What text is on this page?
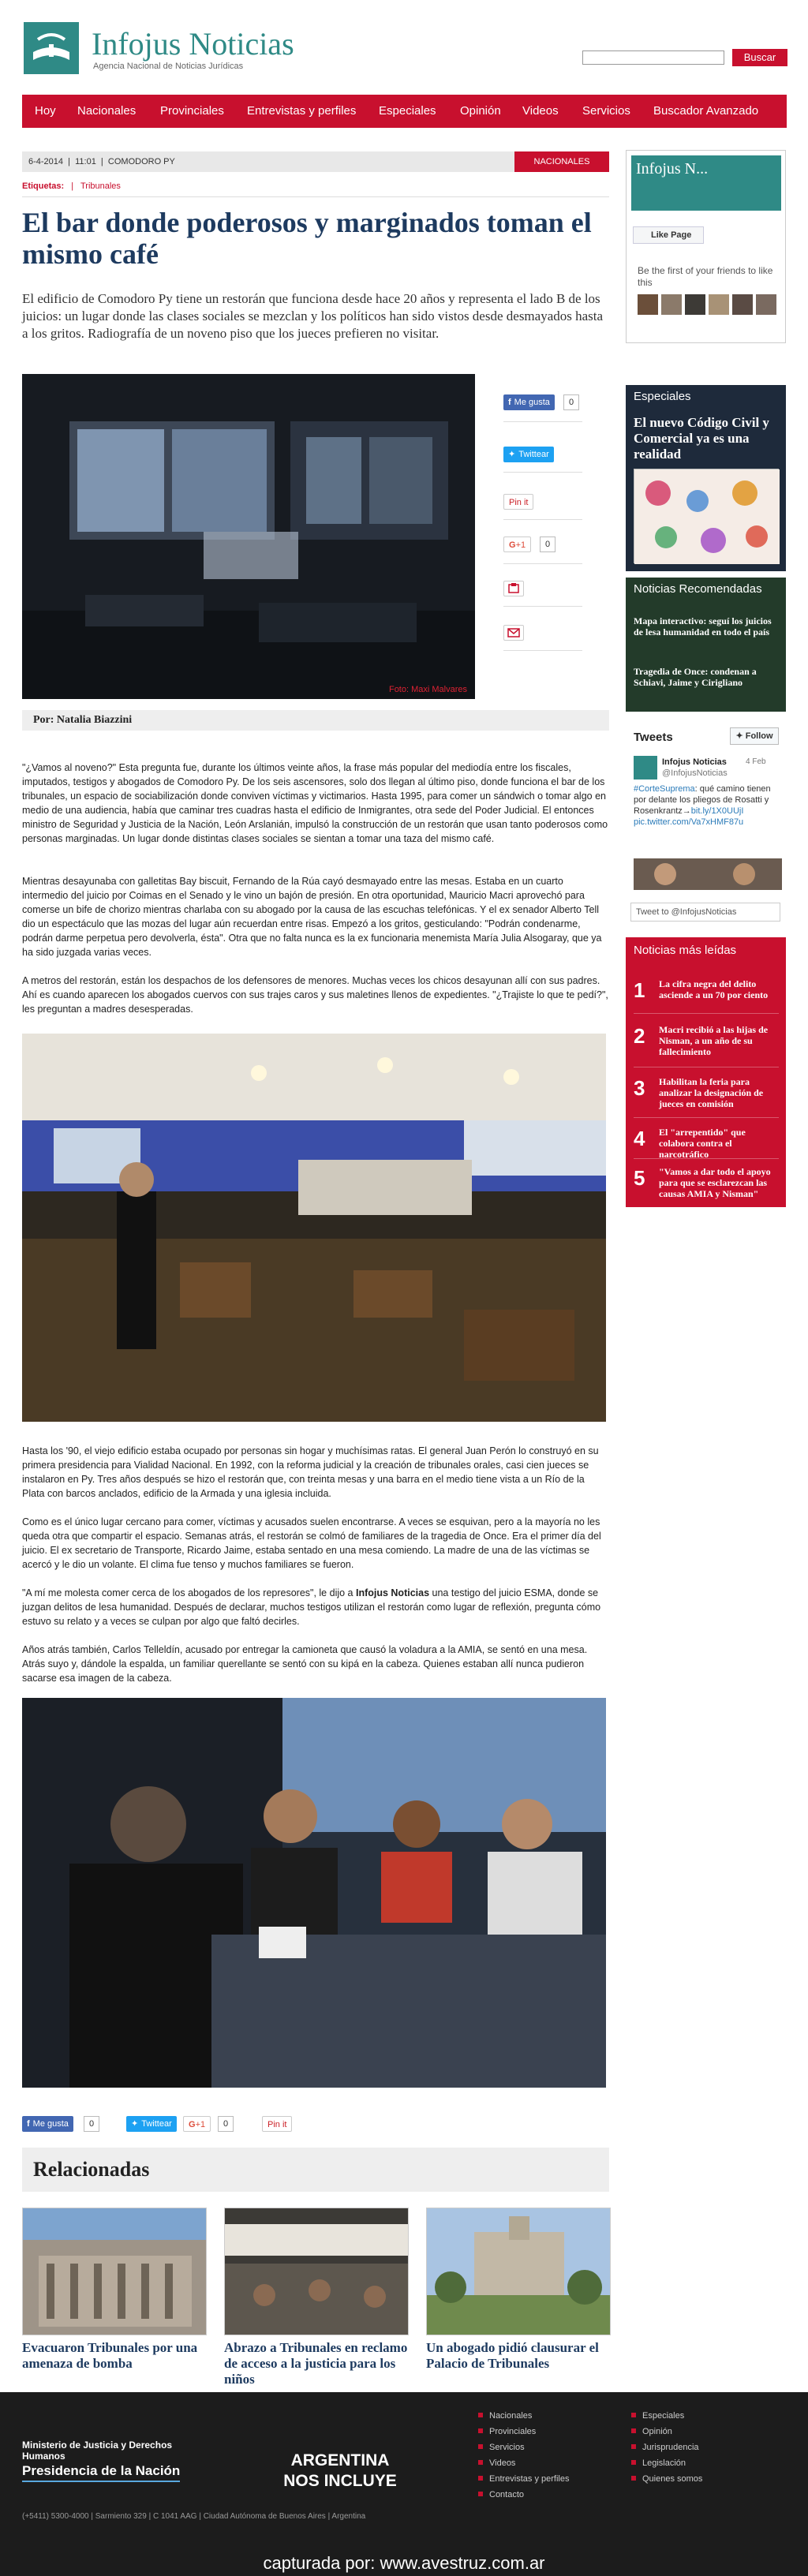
Infojus Noticias
Agencia Nacional de Noticias Jurídicas
Buscar
Hoy Nacionales Provinciales Entrevistas y perfiles Especiales Opinión Videos Servicios Buscador Avanzado
6-4-2014  |  11:01  |  COMODORO PY	NACIONALES
Etiquetas: | Tribunales
El bar donde poderosos y marginados toman el mismo café

El edificio de Comodoro Py tiene un restorán que funciona desde hace 20 años y representa el lado B de los juicios: un lugar donde las clases sociales se mezclan y los políticos han sido vistos desde desmayados hasta a los gritos. Radiografía de un noveno piso que los jueces prefieren no visitar.

Foto: Maxi Malvares
f Me gusta	0
✦ Twittear
Pin it
G+1	0
Por: Natalia Biazzini

"¿Vamos al noveno?" Esta pregunta fue, durante los últimos veinte años, la frase más popular del mediodía entre los fiscales, imputados, testigos y abogados de Comodoro Py. De los seis ascensores, solo dos llegan al último piso, donde funciona el bar de los tribunales, un espacio de sociabilización donde conviven víctimas y victimarios. Hasta 1995, para comer un sándwich o tomar algo en medio de una audiencia, había que caminar tres cuadras hasta el edificio de Inmigrantes, otra sede del Poder Judicial. El entonces ministro de Seguridad y Justicia de la Nación, León Arslanián, impulsó la construcción de un restorán que usan tanto poderosos como personas marginadas. Un lugar donde distintas clases sociales se sientan a tomar una taza del mismo café.

Mientras desayunaba con galletitas Bay biscuit, Fernando de la Rúa cayó desmayado entre las mesas. Estaba en un cuarto intermedio del juicio por Coimas en el Senado y le vino un bajón de presión. En otra oportunidad, Mauricio Macri aprovechó para comerse un bife de chorizo mientras charlaba con su abogado por la causa de las escuchas telefónicas. Y el ex senador Alberto Tell dio un espectáculo que las mozas del lugar aún recuerdan entre risas. Empezó a los gritos, gesticulando: "Podrán condenarme, podrán darme perpetua pero devolverla, ésta". Otra que no falta nunca es la ex funcionaria menemista María Julia Alsogaray, que ya ha sido juzgada varias veces.

A metros del restorán, están los despachos de los defensores de menores. Muchas veces los chicos desayunan allí con sus padres. Ahí es cuando aparecen los abogados cuervos con sus trajes caros y sus maletines llenos de expedientes. "¿Trajiste lo que te pedí?", les preguntan a madres desesperadas.

Hasta los '90, el viejo edificio estaba ocupado por personas sin hogar y muchísimas ratas. El general Juan Perón lo construyó en su primera presidencia para Vialidad Nacional. En 1992, con la reforma judicial y la creación de tribunales orales, casi cien jueces se instalaron en Py. Tres años después se hizo el restorán que, con treinta mesas y una barra en el medio tiene vista a un Río de la Plata con barcos anclados, edificio de la Armada y una iglesia incluida.

Como es el único lugar cercano para comer, víctimas y acusados suelen encontrarse. A veces se esquivan, pero a la mayoría no les queda otra que compartir el espacio. Semanas atrás, el restorán se colmó de familiares de la tragedia de Once. Era el primer día del juicio. El ex secretario de Transporte, Ricardo Jaime, estaba sentado en una mesa comiendo. La madre de una de las víctimas se acercó y le dio un volante. El clima fue tenso y muchos familiares se fueron.

"A mí me molesta comer cerca de los abogados de los represores", le dijo a Infojus Noticias una testigo del juicio ESMA, donde se juzgan delitos de lesa humanidad. Después de declarar, muchos testigos utilizan el restorán como lugar de reflexión, pregunta cómo estuvo su relato y a veces se culpan por algo que faltó decirles.

Años atrás también, Carlos Telleldín, acusado por entregar la camioneta que causó la voladura a la AMIA, se sentó en una mesa. Atrás suyo y, dándole la espalda, un familiar querellante se sentó con su kipá en la cabeza. Quienes estaban allí nunca pudieron sacarse esa imagen de la cabeza.

f Me gusta	0	✦ Twittear	G+1	0	Pin it
Relacionadas
Evacuaron Tribunales por una amenaza de bomba
Abrazo a Tribunales en reclamo de acceso a la justicia para los niños
Un abogado pidió clausurar el Palacio de Tribunales
Infojus N...
Like Page
Be the first of your friends to like this
Especiales
El nuevo Código Civil y Comercial ya es una realidad
Noticias Recomendadas
Mapa interactivo: seguí los juicios de lesa humanidad en todo el país
Tragedia de Once: condenan a Schiavi, Jaime y Cirigliano
Tweets	✦ Follow
Infojus Noticias
@InfojusNoticias
4 Feb
#CorteSuprema: qué camino tienen por delante los pliegos de Rosatti y Rosenkrantz→bit.ly/1X0UUjI pic.twitter.com/Va7xHMF87u
Tweet to @InfojusNoticias
Noticias más leídas
1	La cifra negra del delito asciende a un 70 por ciento
2	Macri recibió a las hijas de Nisman, a un año de su fallecimiento
3	Habilitan la feria para analizar la designación de jueces en comisión
4	El "arrepentido" que colabora contra el narcotráfico
5	"Vamos a dar todo el apoyo para que se esclarezcan las causas AMIA y Nisman"
Ministerio de Justicia y Derechos Humanos
Presidencia de la Nación
ARGENTINA
NOS INCLUYE
(+5411) 5300-4000 | Sarmiento 329 | C 1041 AAG | Ciudad Autónoma de Buenos Aires | Argentina
Nacionales
Provinciales
Servicios
Videos
Entrevistas y perfiles
Contacto
Especiales
Opinión
Jurisprudencia
Legislación
Quienes somos
capturada por: www.avestruz.com.ar
